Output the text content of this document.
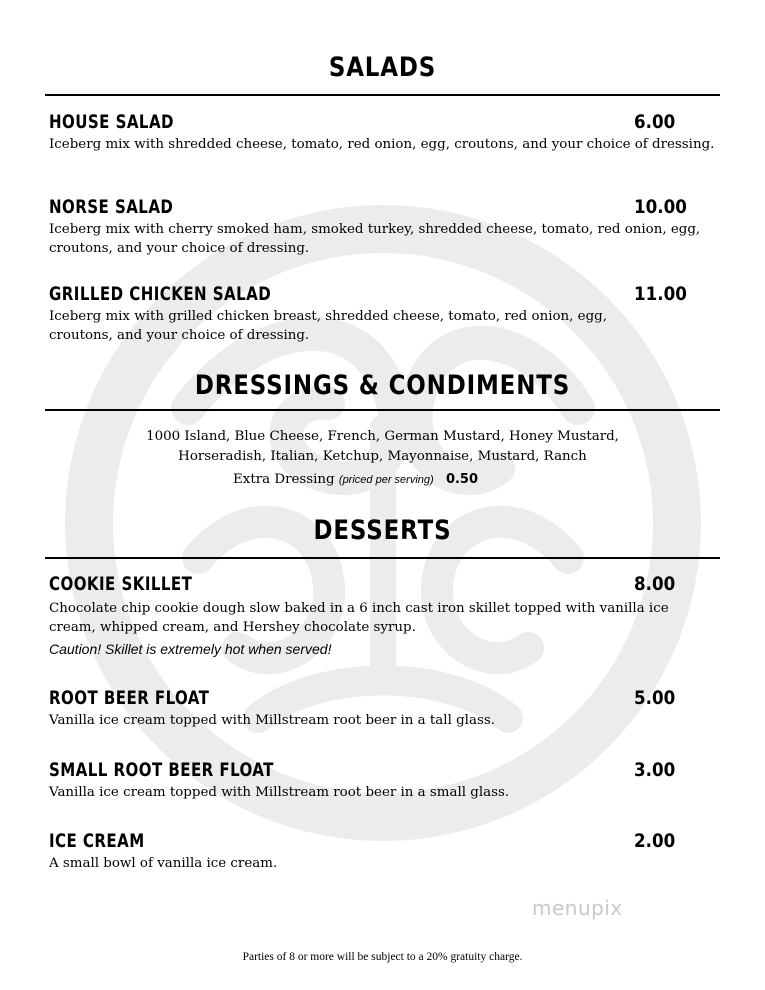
SALADS
HOUSE SALAD	6.00
Iceberg mix with shredded cheese, tomato, red onion, egg, croutons, and your choice of dressing.
NORSE SALAD	10.00
Iceberg mix with cherry smoked ham, smoked turkey, shredded cheese, tomato, red onion, egg, croutons, and your choice of dressing.
GRILLED CHICKEN SALAD	11.00
Iceberg mix with grilled chicken breast, shredded cheese, tomato, red onion, egg, croutons, and your choice of dressing.
DRESSINGS & CONDIMENTS
1000 Island, Blue Cheese, French, German Mustard, Honey Mustard,
Horseradish, Italian, Ketchup, Mayonnaise, Mustard, Ranch
Extra Dressing (priced per serving) 0.50
DESSERTS
COOKIE SKILLET	8.00
Chocolate chip cookie dough slow baked in a 6 inch cast iron skillet topped with vanilla ice cream, whipped cream, and Hershey chocolate syrup.
Caution! Skillet is extremely hot when served!
ROOT BEER FLOAT	5.00
Vanilla ice cream topped with Millstream root beer in a tall glass.
SMALL ROOT BEER FLOAT	3.00
Vanilla ice cream topped with Millstream root beer in a small glass.
ICE CREAM	2.00
A small bowl of vanilla ice cream.
menupix
Parties of 8 or more will be subject to a 20% gratuity charge.
